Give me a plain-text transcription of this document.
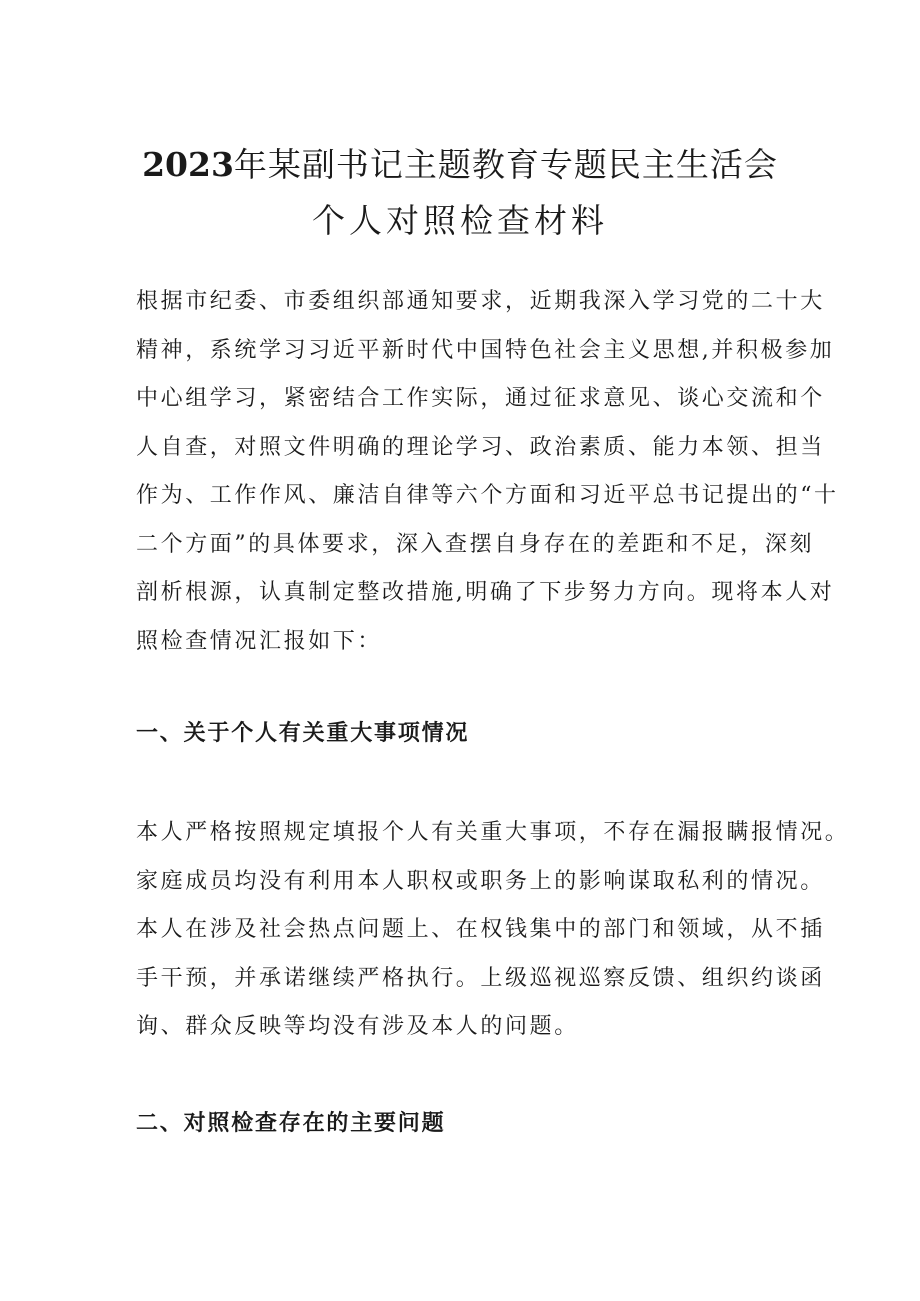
2023年某副书记主题教育专题民主生活会
个人对照检查材料
根据市纪委、市委组织部通知要求，近期我深入学习党的二十大
精神，系统学习习近平新时代中国特色社会主义思想,并积极参加
中心组学习，紧密结合工作实际，通过征求意见、谈心交流和个
人自查，对照文件明确的理论学习、政治素质、能力本领、担当
作为、工作作风、廉洁自律等六个方面和习近平总书记提出的“十
二个方面”的具体要求，深入查摆自身存在的差距和不足，深刻
剖析根源，认真制定整改措施,明确了下步努力方向。现将本人对
照检查情况汇报如下：
一、关于个人有关重大事项情况
本人严格按照规定填报个人有关重大事项，不存在漏报瞒报情况。
家庭成员均没有利用本人职权或职务上的影响谋取私利的情况。
本人在涉及社会热点问题上、在权钱集中的部门和领域，从不插
手干预，并承诺继续严格执行。上级巡视巡察反馈、组织约谈函
询、群众反映等均没有涉及本人的问题。
二、对照检查存在的主要问题
